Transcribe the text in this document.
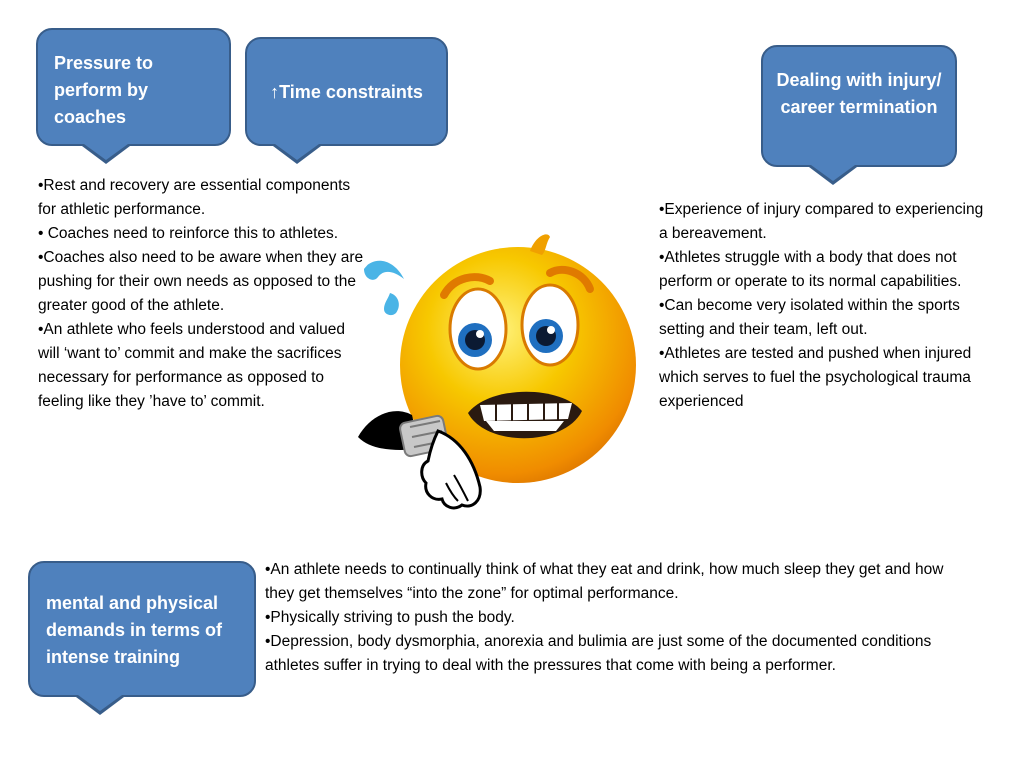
Pressure to perform by coaches
↑Time constraints
Dealing with injury/ career termination
mental and physical demands in terms of intense training

•Rest and recovery are essential components for athletic performance.

• Coaches need to reinforce this to athletes.

•Coaches also need to be aware when they are pushing for their own needs as opposed to the greater good of the athlete.

•An athlete who feels understood and valued will ‘want to’ commit and make the sacrifices necessary for performance as opposed to feeling like they ’have to’ commit.

•Experience of injury compared to experiencing a bereavement.

•Athletes struggle with a body that does not perform or operate to its normal capabilities.

•Can become very isolated within the sports setting and their team, left out.

•Athletes are tested and pushed when injured which serves to fuel the psychological trauma experienced

•An athlete needs to continually think of what they eat and drink, how much sleep they get and how they get themselves “into the zone” for optimal performance.

•Physically striving to push the body.

•Depression, body dysmorphia, anorexia and bulimia are just some of the documented conditions athletes suffer in trying to deal with the pressures that come with being a performer.
